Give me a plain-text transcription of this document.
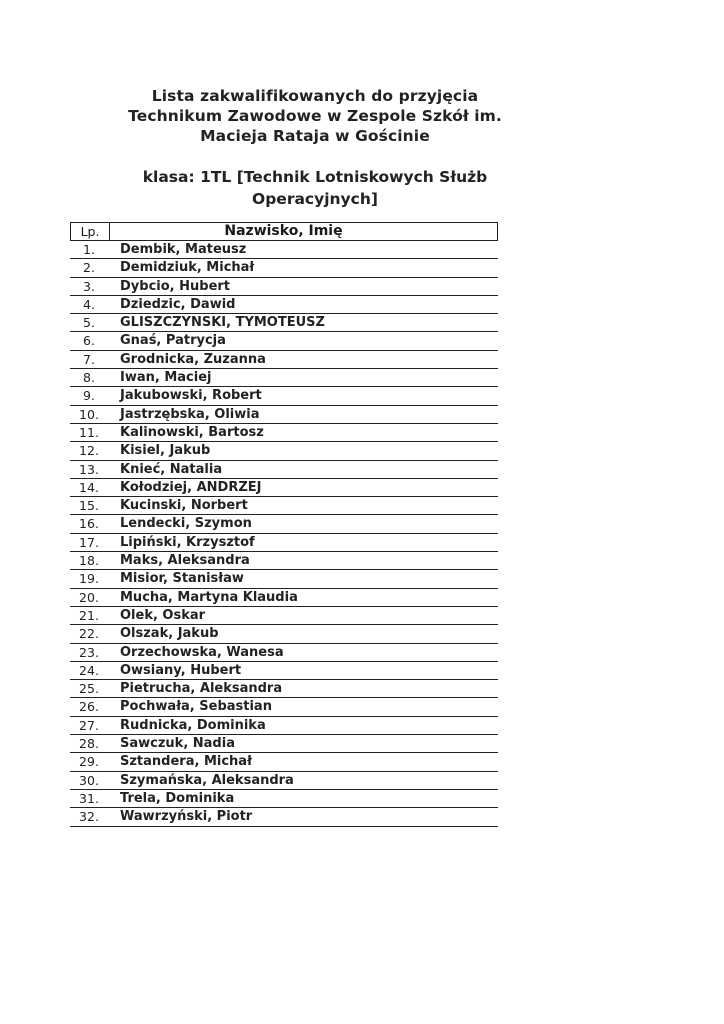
Lista zakwalifikowanych do przyjęcia
Technikum Zawodowe w Zespole Szkół im.
Macieja Rataja w Gościnie
klasa: 1TL [Technik Lotniskowych Służb
Operacyjnych]
Lp.	Nazwisko, Imię
1.	Dembik, Mateusz
2.	Demidziuk, Michał
3.	Dybcio, Hubert
4.	Dziedzic, Dawid
5.	GLISZCZYNSKI, TYMOTEUSZ
6.	Gnaś, Patrycja
7.	Grodnicka, Zuzanna
8.	Iwan, Maciej
9.	Jakubowski, Robert
10.	Jastrzębska, Oliwia
11.	Kalinowski, Bartosz
12.	Kisiel, Jakub
13.	Knieć, Natalia
14.	Kołodziej, ANDRZEJ
15.	Kucinski, Norbert
16.	Lendecki, Szymon
17.	Lipiński, Krzysztof
18.	Maks, Aleksandra
19.	Misior, Stanisław
20.	Mucha, Martyna Klaudia
21.	Olek, Oskar
22.	Olszak, Jakub
23.	Orzechowska, Wanesa
24.	Owsiany, Hubert
25.	Pietrucha, Aleksandra
26.	Pochwała, Sebastian
27.	Rudnicka, Dominika
28.	Sawczuk, Nadia
29.	Sztandera, Michał
30.	Szymańska, Aleksandra
31.	Trela, Dominika
32.	Wawrzyński, Piotr
